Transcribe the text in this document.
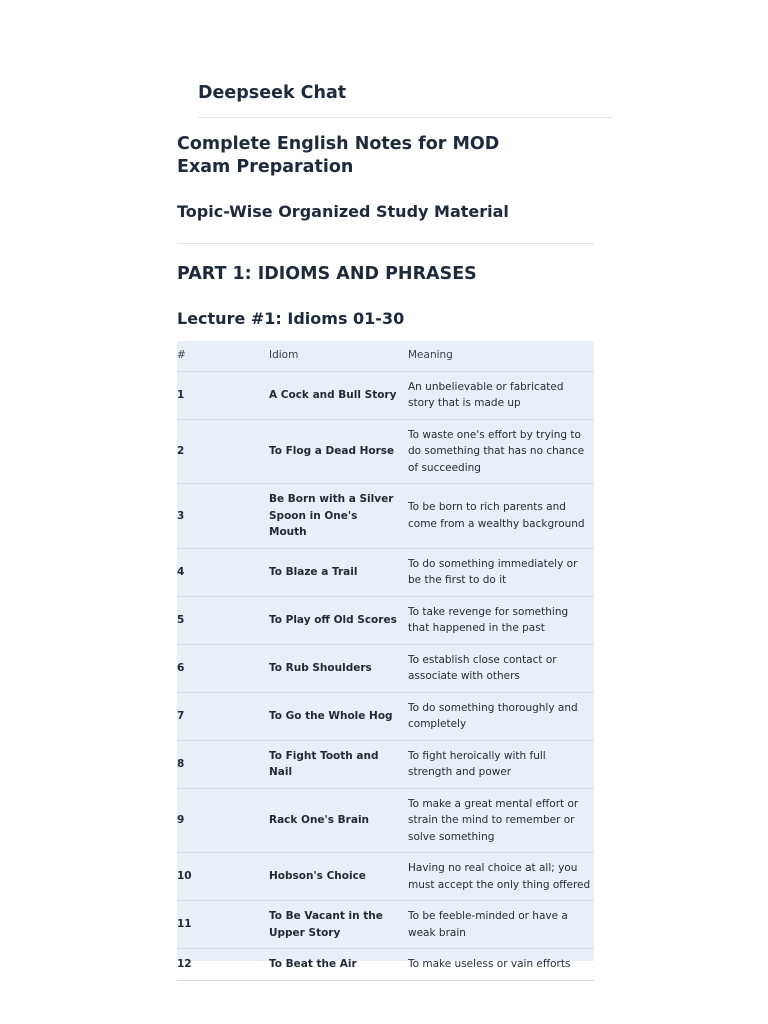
Deepseek Chat
Complete English Notes for MOD Exam Preparation
Topic-Wise Organized Study Material
PART 1: IDIOMS AND PHRASES
Lecture #1: Idioms 01-30
#	Idiom	Meaning
1	A Cock and Bull Story	An unbelievable or fabricated story that is made up
2	To Flog a Dead Horse	To waste one's effort by trying to do something that has no chance of succeeding
3	Be Born with a Silver Spoon in One's Mouth	To be born to rich parents and come from a wealthy background
4	To Blaze a Trail	To do something immediately or be the first to do it
5	To Play off Old Scores	To take revenge for something that happened in the past
6	To Rub Shoulders	To establish close contact or associate with others
7	To Go the Whole Hog	To do something thoroughly and completely
8	To Fight Tooth and Nail	To fight heroically with full strength and power
9	Rack One's Brain	To make a great mental effort or strain the mind to remember or solve something
10	Hobson's Choice	Having no real choice at all; you must accept the only thing offered
11	To Be Vacant in the Upper Story	To be feeble-minded or have a weak brain
12	To Beat the Air	To make useless or vain efforts
